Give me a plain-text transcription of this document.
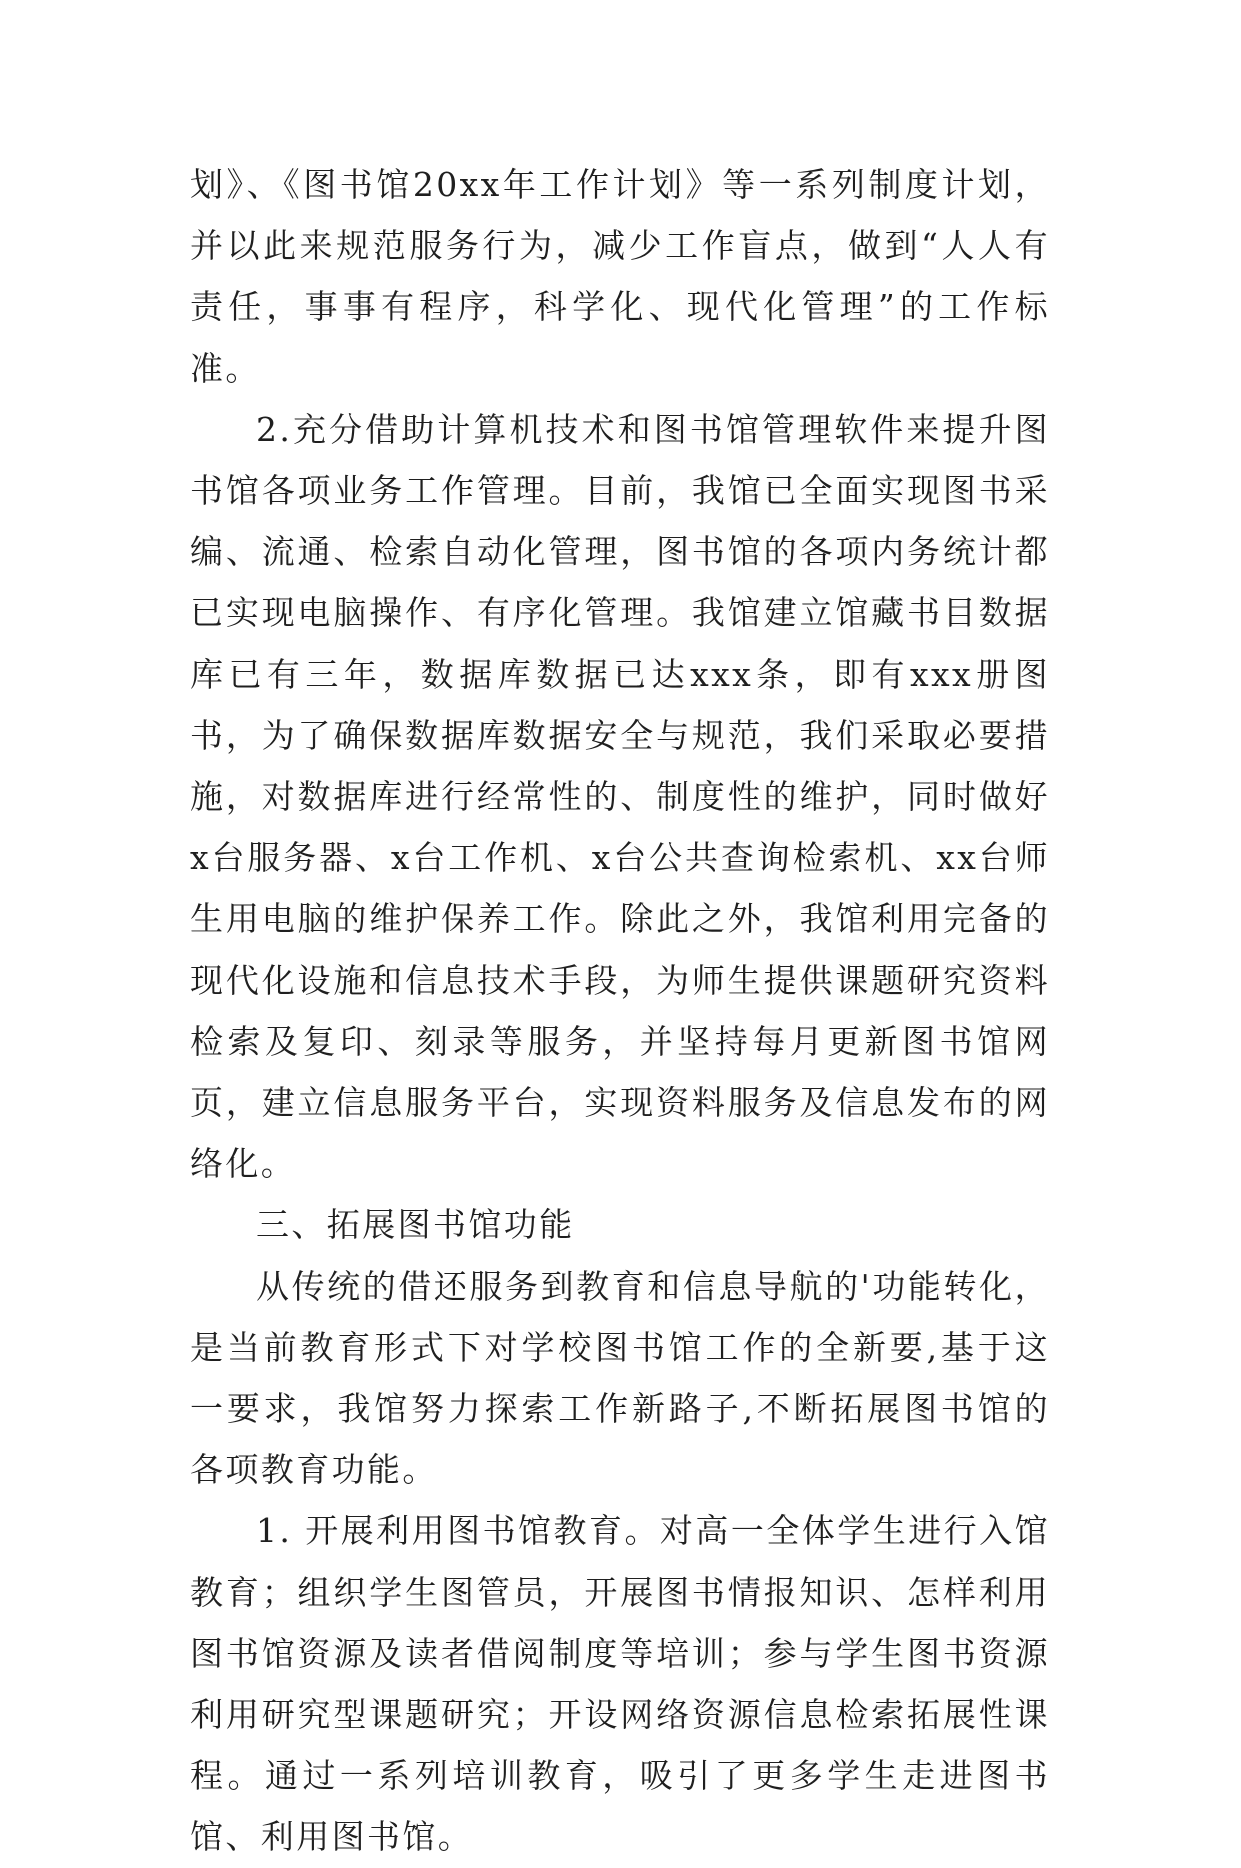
划》、《图书馆20xx年工作计划》等一系列制度计划，并以此来规范服务行为，减少工作盲点，做到“人人有责任，事事有程序，科学化、现代化管理”的工作标准。

2.充分借助计算机技术和图书馆管理软件来提升图书馆各项业务工作管理。目前，我馆已全面实现图书采编、流通、检索自动化管理，图书馆的各项内务统计都已实现电脑操作、有序化管理。我馆建立馆藏书目数据库已有三年，数据库数据已达xxx条，即有xxx册图书，为了确保数据库数据安全与规范，我们采取必要措施，对数据库进行经常性的、制度性的维护，同时做好x台服务器、x台工作机、x台公共查询检索机、xx台师生用电脑的维护保养工作。除此之外，我馆利用完备的现代化设施和信息技术手段，为师生提供课题研究资料检索及复印、刻录等服务，并坚持每月更新图书馆网页，建立信息服务平台，实现资料服务及信息发布的网络化。

三、拓展图书馆功能

从传统的借还服务到教育和信息导航的'功能转化，是当前教育形式下对学校图书馆工作的全新要,基于这一要求，我馆努力探索工作新路子,不断拓展图书馆的各项教育功能。

1. 开展利用图书馆教育。对高一全体学生进行入馆教育；组织学生图管员，开展图书情报知识、怎样利用图书馆资源及读者借阅制度等培训；参与学生图书资源利用研究型课题研究；开设网络资源信息检索拓展性课程。通过一系列培训教育，吸引了更多学生走进图书馆、利用图书馆。
